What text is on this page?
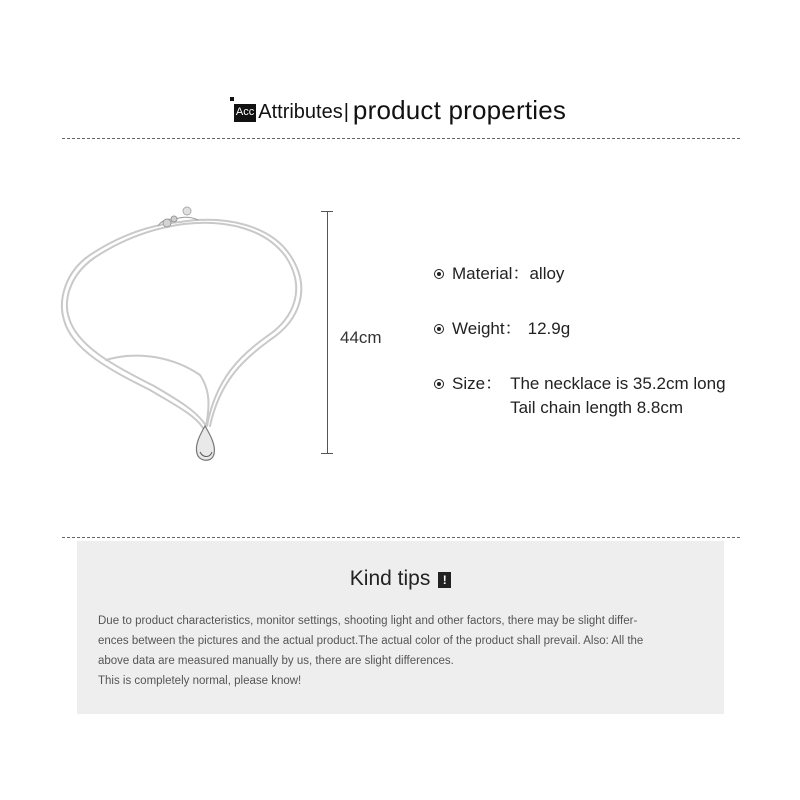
Acc Attributes | product properties
44cm
Material： alloy
Weight： 12.9g
Size： The necklace is 35.2cm long
Tail chain length 8.8cm
Kind tips !
Due to product characteristics, monitor settings, shooting light and other factors, there may be slight differ-
ences between the pictures and the actual product.The actual color of the product shall prevail. Also: All the
above data are measured manually by us, there are slight differences.
This is completely normal, please know!
